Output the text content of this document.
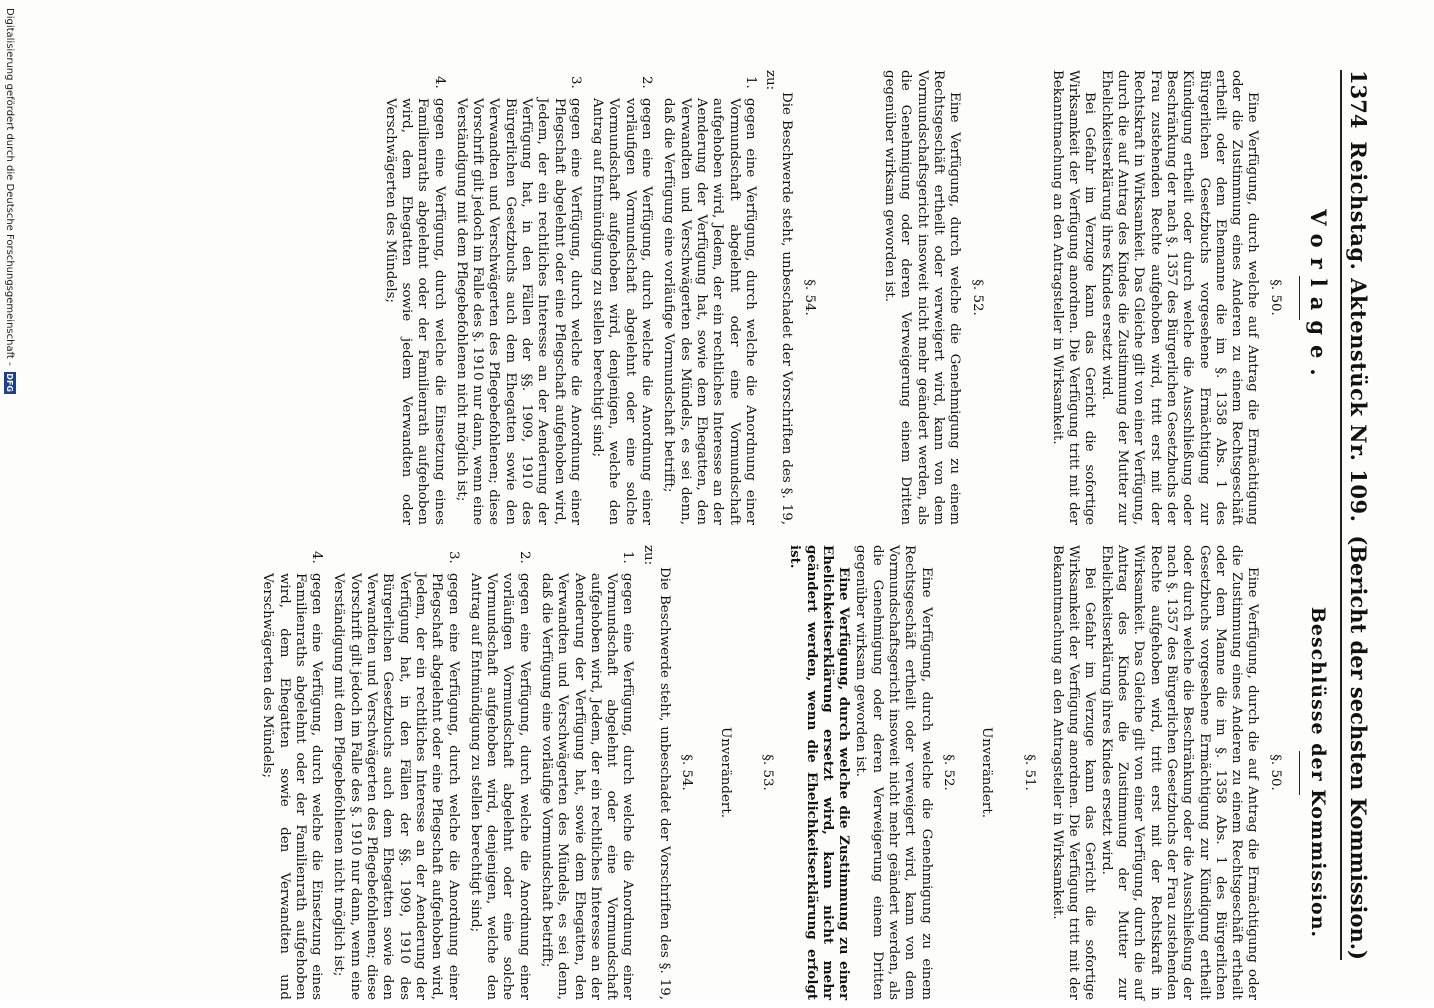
1374
Reichstag. Aktenstück Nr. 109.
(Bericht der sechsten Kommission.)
Vorlage.
§. 50.

Eine Verfügung, durch welche auf Antrag die Ermächtigung oder die Zustimmung eines Anderen zu einem Rechtsgeschäft ertheilt oder dem Ehemanne die im §. 1358 Abs. 1 des Bürgerlichen Gesetzbuchs vorgesehene Ermächtigung zur Kündigung ertheilt oder durch welche die Ausschließung oder Beschränkung der nach §. 1357 des Bürgerlichen Gesetzbuchs der Frau zustehenden Rechte aufgehoben wird, tritt erst mit der Rechtskraft in Wirksamkeit. Das Gleiche gilt von einer Verfügung, durch die auf Antrag des Kindes die Zustimmung der Mutter zur Ehelichkeitserklärung ihres Kindes ersetzt wird.

Bei Gefahr im Verzuge kann das Gericht die sofortige Wirksamkeit der Verfügung anordnen. Die Verfügung tritt mit der Bekanntmachung an den Antragsteller in Wirksamkeit.

§. 52.

Eine Verfügung, durch welche die Genehmigung zu einem Rechtsgeschäft ertheilt oder verweigert wird, kann von dem Vormundschaftsgericht insoweit nicht mehr geändert werden, als die Genehmigung oder deren Verweigerung einem Dritten gegenüber wirksam geworden ist.

§. 54.

Die Beschwerde steht, unbeschadet der Vorschriften des §. 19, zu:

1.
gegen eine Verfügung, durch welche die Anordnung einer Vormundschaft abgelehnt oder eine Vormundschaft aufgehoben wird, Jedem, der ein rechtliches Interesse an der Aenderung der Verfügung hat, sowie dem Ehegatten, den Verwandten und Verschwägerten des Mündels, es sei denn, daß die Verfügung eine vorläufige Vormundschaft betrifft;
2.
gegen eine Verfügung, durch welche die Anordnung einer vorläufigen Vormundschaft abgelehnt oder eine solche Vormundschaft aufgehoben wird, denjenigen, welche den Antrag auf Entmündigung zu stellen berechtigt sind;
3.
gegen eine Verfügung, durch welche die Anordnung einer Pflegschaft abgelehnt oder eine Pflegschaft aufgehoben wird, Jedem, der ein rechtliches Interesse an der Aenderung der Verfügung hat, in den Fällen der §§. 1909, 1910 des Bürgerlichen Gesetzbuchs auch dem Ehegatten sowie den Verwandten und Verschwägerten des Pflegebefohlenen; diese Vorschrift gilt jedoch im Falle des §. 1910 nur dann, wenn eine Verständigung mit dem Pflegebefohlenen nicht möglich ist;
4.
gegen eine Verfügung, durch welche die Einsetzung eines Familienraths abgelehnt oder der Familienrath aufgehoben wird, dem Ehegatten sowie jedem Verwandten oder Verschwägerten des Mündels;
Beschlüsse der Kommission.
§. 50.

Eine Verfügung, durch die auf Antrag die Ermächtigung oder die Zustimmung eines Anderen zu einem Rechtsgeschäft ertheilt oder dem Manne die im §. 1358 Abs. 1 des Bürgerlichen Gesetzbuchs vorgesehene Ermächtigung zur Kündigung ertheilt oder durch welche die Beschränkung oder die Ausschließung der nach §. 1357 des Bürgerlichen Gesetzbuchs der Frau zustehenden Rechte aufgehoben wird, tritt erst mit der Rechtskraft in Wirksamkeit. Das Gleiche gilt von einer Verfügung, durch die auf Antrag des Kindes die Zustimmung der Mutter zur Ehelichkeitserklärung ihres Kindes ersetzt wird.

Bei Gefahr im Verzuge kann das Gericht die sofortige Wirksamkeit der Verfügung anordnen. Die Verfügung tritt mit der Bekanntmachung an den Antragsteller in Wirksamkeit.

§. 51.
Unverändert.
§. 52.

Eine Verfügung, durch welche die Genehmigung zu einem Rechtsgeschäft ertheilt oder verweigert wird, kann von dem Vormundschaftsgericht insoweit nicht mehr geändert werden, als die Genehmigung oder deren Verweigerung einem Dritten gegenüber wirksam geworden ist.

Eine Verfügung, durch welche die Zustimmung zu einer Ehelichkeitserklärung ersetzt wird, kann nicht mehr geändert werden, wenn die Ehelichkeitserklärung erfolgt ist.

§. 53.
Unverändert.
§. 54.

Die Beschwerde steht, unbeschadet der Vorschriften des §. 19, zu:

1.
gegen eine Verfügung, durch welche die Anordnung einer Vormundschaft abgelehnt oder eine Vormundschaft aufgehoben wird, Jedem, der ein rechtliches Interesse an der Aenderung der Verfügung hat, sowie dem Ehegatten, den Verwandten und Verschwägerten des Mündels, es sei denn, daß die Verfügung eine vorläufige Vormundschaft betrifft;
2.
gegen eine Verfügung, durch welche die Anordnung einer vorläufigen Vormundschaft abgelehnt oder eine solche Vormundschaft aufgehoben wird, denjenigen, welche den Antrag auf Entmündigung zu stellen berechtigt sind;
3.
gegen eine Verfügung, durch welche die Anordnung einer Pflegschaft abgelehnt oder eine Pflegschaft aufgehoben wird, Jedem, der ein rechtliches Interesse an der Aenderung der Verfügung hat, in den Fällen der §§. 1909, 1910 des Bürgerlichen Gesetzbuchs auch dem Ehegatten sowie den Verwandten und Verschwägerten des Pflegebefohlenen; diese Vorschrift gilt jedoch im Falle des §. 1910 nur dann, wenn eine Verständigung mit dem Pflegebefohlenen nicht möglich ist;
4.
gegen eine Verfügung, durch welche die Einsetzung eines Familienraths abgelehnt oder der Familienrath aufgehoben wird, dem Ehegatten sowie den Verwandten und Verschwägerten des Mündels;
Digitalisierung gefördert durch die Deutsche Forschungsgemeinschaft -
DFG
